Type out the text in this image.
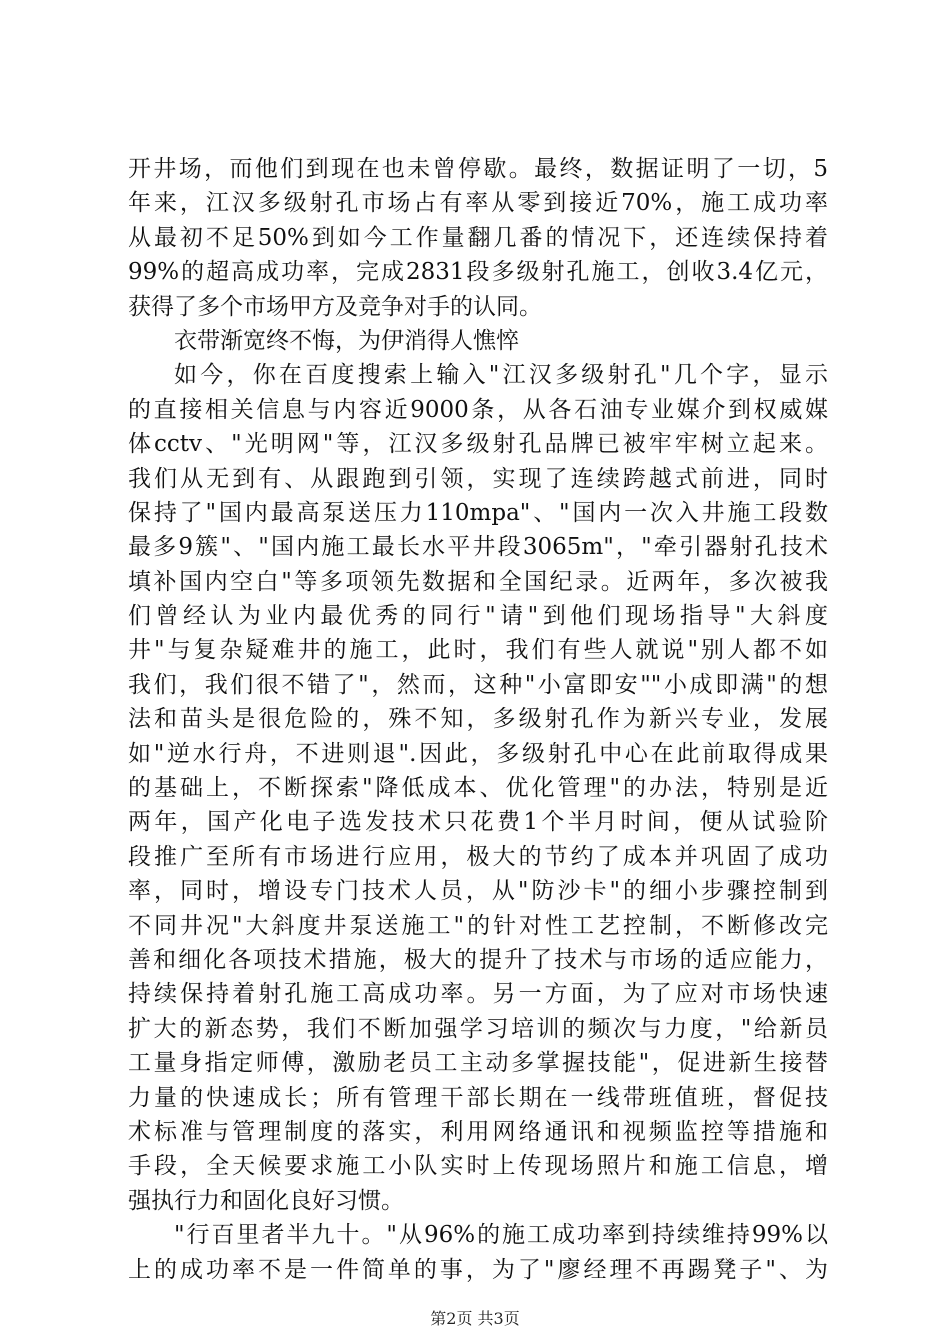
开井场，而他们到现在也未曾停歇。最终，数据证明了一切，5
年来，江汉多级射孔市场占有率从零到接近70%，施工成功率
从最初不足50%到如今工作量翻几番的情况下，还连续保持着
99%的超高成功率，完成2831段多级射孔施工，创收3.4亿元，
获得了多个市场甲方及竞争对手的认同。
衣带渐宽终不悔，为伊消得人憔悴
如今，你在百度搜索上输入"江汉多级射孔"几个字，显示
的直接相关信息与内容近9000条，从各石油专业媒介到权威媒
体cctv、"光明网"等，江汉多级射孔品牌已被牢牢树立起来。
我们从无到有、从跟跑到引领，实现了连续跨越式前进，同时
保持了"国内最高泵送压力110mpa"、"国内一次入井施工段数
最多9簇"、"国内施工最长水平井段3065m"，"牵引器射孔技术
填补国内空白"等多项领先数据和全国纪录。近两年，多次被我
们曾经认为业内最优秀的同行"请"到他们现场指导"大斜度
井"与复杂疑难井的施工，此时，我们有些人就说"别人都不如
我们，我们很不错了"，然而，这种"小富即安""小成即满"的想
法和苗头是很危险的，殊不知，多级射孔作为新兴专业，发展
如"逆水行舟，不进则退".因此，多级射孔中心在此前取得成果
的基础上，不断探索"降低成本、优化管理"的办法，特别是近
两年，国产化电子选发技术只花费1个半月时间，便从试验阶
段推广至所有市场进行应用，极大的节约了成本并巩固了成功
率，同时，增设专门技术人员，从"防沙卡"的细小步骤控制到
不同井况"大斜度井泵送施工"的针对性工艺控制，不断修改完
善和细化各项技术措施，极大的提升了技术与市场的适应能力，
持续保持着射孔施工高成功率。另一方面，为了应对市场快速
扩大的新态势，我们不断加强学习培训的频次与力度，"给新员
工量身指定师傅，激励老员工主动多掌握技能"，促进新生接替
力量的快速成长；所有管理干部长期在一线带班值班，督促技
术标准与管理制度的落实，利用网络通讯和视频监控等措施和
手段，全天候要求施工小队实时上传现场照片和施工信息，增
强执行力和固化良好习惯。
"行百里者半九十。"从96%的施工成功率到持续维持99%以
上的成功率不是一件简单的事，为了"廖经理不再踢凳子"、为
第2页 共3页
